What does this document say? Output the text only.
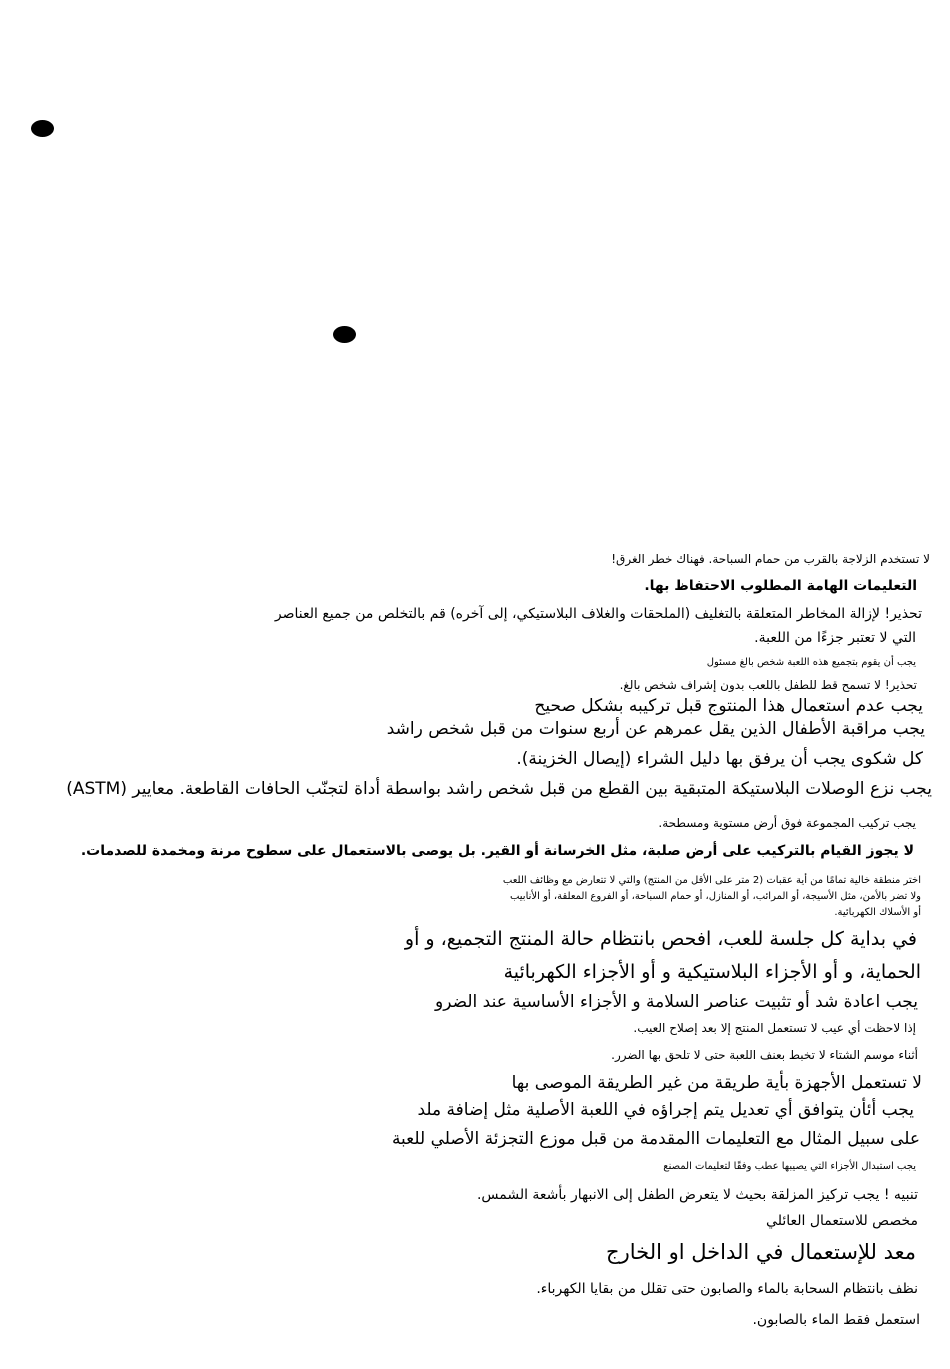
لا تستخدم الزلاجة بالقرب من حمام السباحة. فهناك خطر الغرق!

التعليمات الهامة المطلوب الاحتفاظ بها.

تحذير! لإزالة المخاطر المتعلقة بالتغليف (الملحقات والغلاف البلاستيكي، إلى آخره) قم بالتخلص من جميع العناصر

التي لا تعتبر جزءًا من اللعبة.

يجب أن يقوم بتجميع هذه اللعبة شخص بالغ مسئول

تحذير! لا تسمح قط للطفل باللعب بدون إشراف شخص بالغ.

يجب عدم استعمال هذا المنتوج قبل تركيبه بشكل صحيح

يجب مراقبة الأطفال الذين يقل عمرهم عن أربع سنوات من قبل شخص راشد

كل شكوى يجب أن يرفق بها دليل الشراء (إيصال الخزينة).

يجب نزع الوصلات البلاستيكة المتبقية بين القطع من قبل شخص راشد بواسطة أداة لتجنّب الحافات القاطعة. معايير (ASTM)

يجب تركيب المجموعة فوق أرض مستوية ومسطحة.

لا يجوز القيام بالتركيب على أرض صلبة، مثل الخرسانة أو القير. بل يوصى بالاستعمال على سطوح مرنة ومخمدة للصدمات.

اختر منطقة خالية تمامًا من أية عقبات (2 متر على الأقل من المنتج) والتي لا تتعارض مع وظائف اللعب

ولا تضر بالأمن، مثل الأسيجة، أو المرائب، أو المنازل، أو حمام السباحة، أو الفروع المعلقة، أو الأنابيب

أو الأسلاك الكهربائية.

في بداية كل جلسة للعب، افحص بانتظام حالة المنتج التجميع، و أو

الحماية، و أو الأجزاء البلاستيكية و أو الأجزاء الكهربائية

يجب اعادة شد أو تثبيت عناصر السلامة و الأجزاء الأساسية عند الضرو

إذا لاحظت أي عيب لا تستعمل المنتج إلا بعد إصلاح العيب.

أثناء موسم الشتاء لا تخبط بعنف اللعبة حتى لا تلحق بها الضرر.

لا تستعمل الأجهزة بأية طريقة من غير الطريقة الموصى بها

يجب أئأن يتوافق أي تعديل يتم إجراؤه في اللعبة الأصلية مثل إضافة ملد

على سبيل المثال مع التعليمات االمقدمة من قبل موزع التجزئة الأصلي للعبة

يجب استبدال الأجزاء التي يصيبها عطب وفقًا لتعليمات المصنع

تنبيه ! يجب تركيز المزلقة بحيث لا يتعرض الطفل إلى الانبهار بأشعة الشمس.

مخصص للاستعمال العائلي

معد للإستعمال في الداخل او الخارج

نظف بانتظام السحابة بالماء والصابون حتى تقلل من بقايا الكهرباء.

استعمل فقط الماء بالصابون.
